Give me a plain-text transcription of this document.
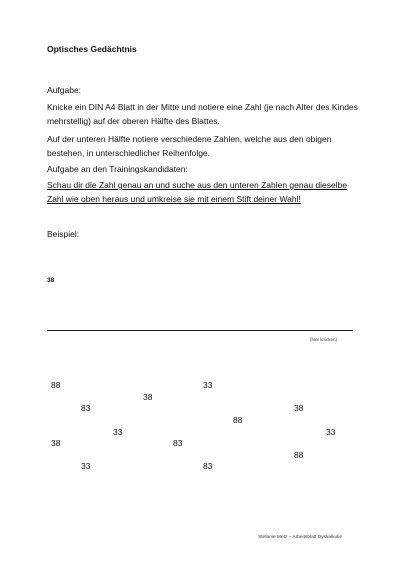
Optisches Gedächtnis
Aufgabe:
Knicke ein DIN A4 Blatt in der Mitte und notiere eine Zahl (je nach Alter des Kindes mehrstellig) auf der oberen Hälfte des Blattes.
Auf der unteren Hälfte notiere verschiedene Zahlen, welche aus den obigen bestehen, in unterschiedlicher Reihenfolge.
Aufgabe an den Trainingskandidaten:
Schau dir die Zahl genau an und suche aus den unteren Zahlen genau dieselbe Zahl wie oben heraus und umkreise sie mit einem Stift deiner Wahl!
Beispiel:
38
(hier knicken)
88	33
38
83	38
88
33	33
38	83
88
33	83
Stefanie Metz – Arbeitsblatt Dyskalkulie
